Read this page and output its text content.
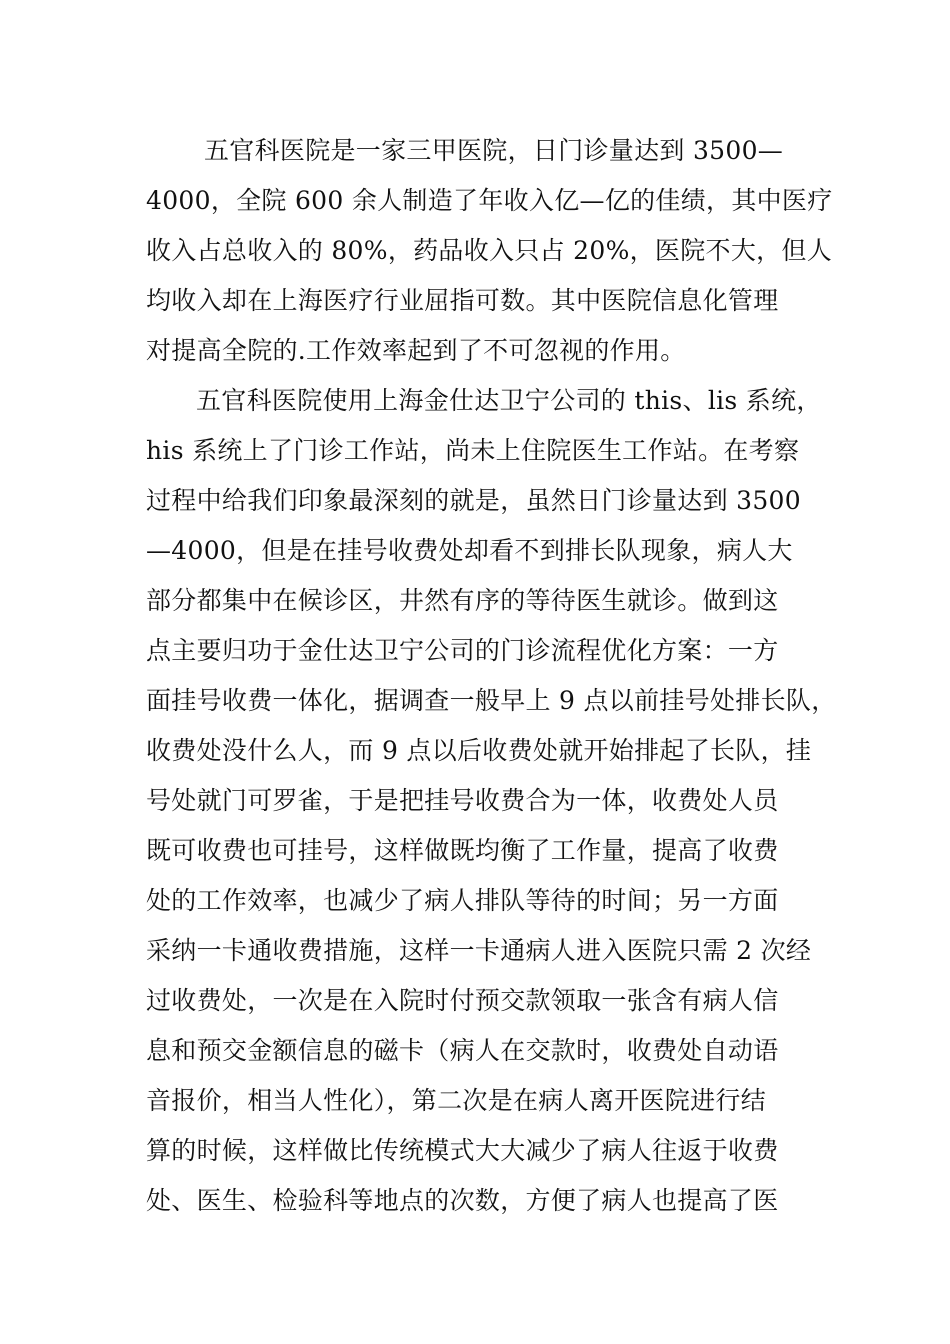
五官科医院是一家三甲医院，日门诊量达到 3500—
4000，全院 600 余人制造了年收入亿—亿的佳绩，其中医疗
收入占总收入的 80%，药品收入只占 20%，医院不大，但人
均收入却在上海医疗行业屈指可数。其中医院信息化管理
对提高全院的.工作效率起到了不可忽视的作用。
五官科医院使用上海金仕达卫宁公司的 this、lis 系统，
his 系统上了门诊工作站，尚未上住院医生工作站。在考察
过程中给我们印象最深刻的就是，虽然日门诊量达到 3500
—4000，但是在挂号收费处却看不到排长队现象，病人大
部分都集中在候诊区，井然有序的等待医生就诊。做到这
点主要归功于金仕达卫宁公司的门诊流程优化方案：一方
面挂号收费一体化，据调查一般早上 9 点以前挂号处排长队，
收费处没什么人，而 9 点以后收费处就开始排起了长队，挂
号处就门可罗雀，于是把挂号收费合为一体，收费处人员
既可收费也可挂号，这样做既均衡了工作量，提高了收费
处的工作效率，也减少了病人排队等待的时间；另一方面
采纳一卡通收费措施，这样一卡通病人进入医院只需 2 次经
过收费处，一次是在入院时付预交款领取一张含有病人信
息和预交金额信息的磁卡（病人在交款时，收费处自动语
音报价，相当人性化），第二次是在病人离开医院进行结
算的时候，这样做比传统模式大大减少了病人往返于收费
处、医生、检验科等地点的次数，方便了病人也提高了医
